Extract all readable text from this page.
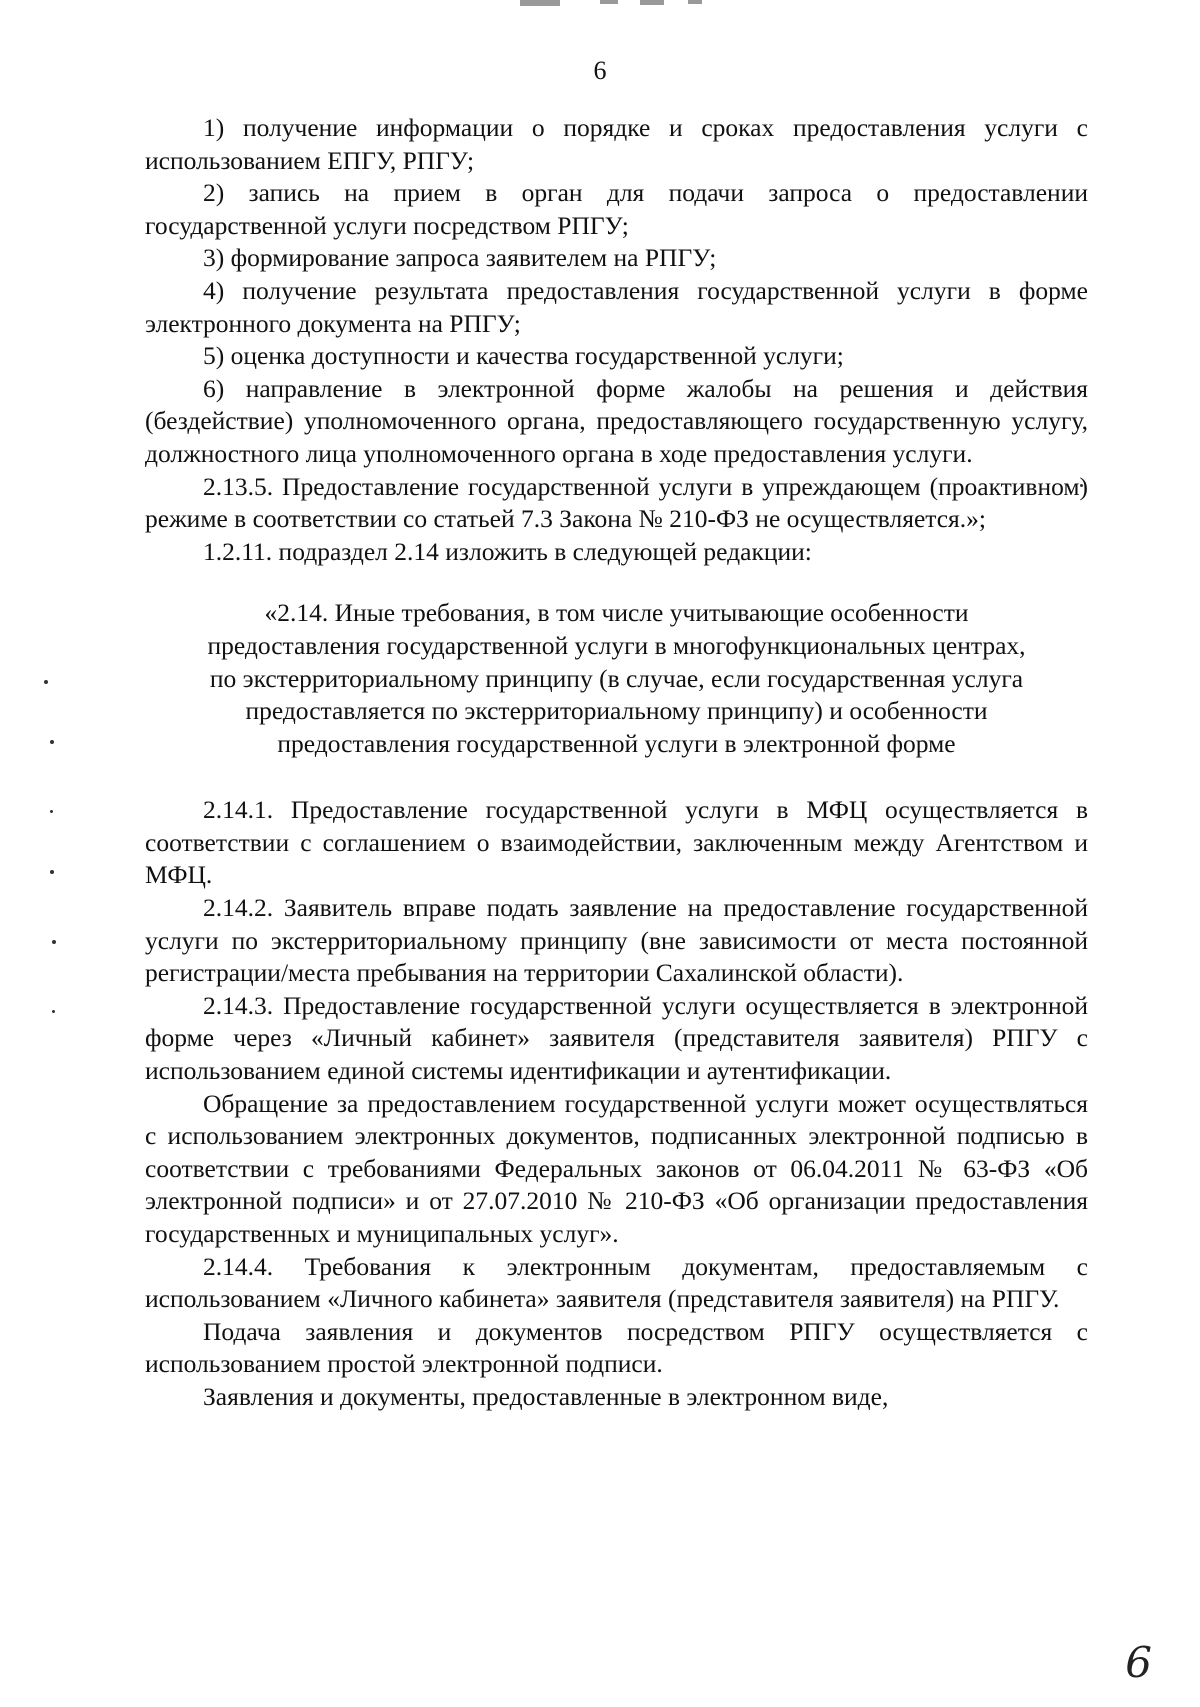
6

1) получение информации о порядке и сроках предоставления услуги с использованием ЕПГУ, РПГУ;

2) запись на прием в орган для подачи запроса о предоставлении государственной услуги посредством РПГУ;

3) формирование запроса заявителем на РПГУ;

4) получение результата предоставления государственной услуги в форме электронного документа на РПГУ;

5) оценка доступности и качества государственной услуги;

6) направление в электронной форме жалобы на решения и действия (бездействие) уполномоченного органа, предоставляющего государственную услугу, должностного лица уполномоченного органа в ходе предоставления услуги.

2.13.5. Предоставление государственной услуги в упреждающем (проактивном) режиме в соответствии со статьей 7.3 Закона № 210-ФЗ не осуществляется.»;

1.2.11. подраздел 2.14 изложить в следующей редакции:

«2.14. Иные требования, в том числе учитывающие особенности
предоставления государственной услуги в многофункциональных центрах,
по экстерриториальному принципу (в случае, если государственная услуга
предоставляется по экстерриториальному принципу) и особенности
предоставления государственной услуги в электронной форме

2.14.1. Предоставление государственной услуги в МФЦ осуществляется в соответствии с соглашением о взаимодействии, заключенным между Агентством и МФЦ.

2.14.2. Заявитель вправе подать заявление на предоставление государственной услуги по экстерриториальному принципу (вне зависимости от места постоянной регистрации/места пребывания на территории Сахалинской области).

2.14.3. Предоставление государственной услуги осуществляется в электронной форме через «Личный кабинет» заявителя (представителя заявителя) РПГУ с использованием единой системы идентификации и аутентификации.

Обращение за предоставлением государственной услуги может осуществляться с использованием электронных документов, подписанных электронной подписью в соответствии с требованиями Федеральных законов от 06.04.2011 № 63-ФЗ «Об электронной подписи» и от 27.07.2010 № 210-ФЗ «Об организации предоставления государственных и муниципальных услуг».

2.14.4. Требования к электронным документам, предоставляемым с использованием «Личного кабинета» заявителя (представителя заявителя) на РПГУ.

Подача заявления и документов посредством РПГУ осуществляется с использованием простой электронной подписи.

Заявления и документы, предоставленные в электронном виде,

6
